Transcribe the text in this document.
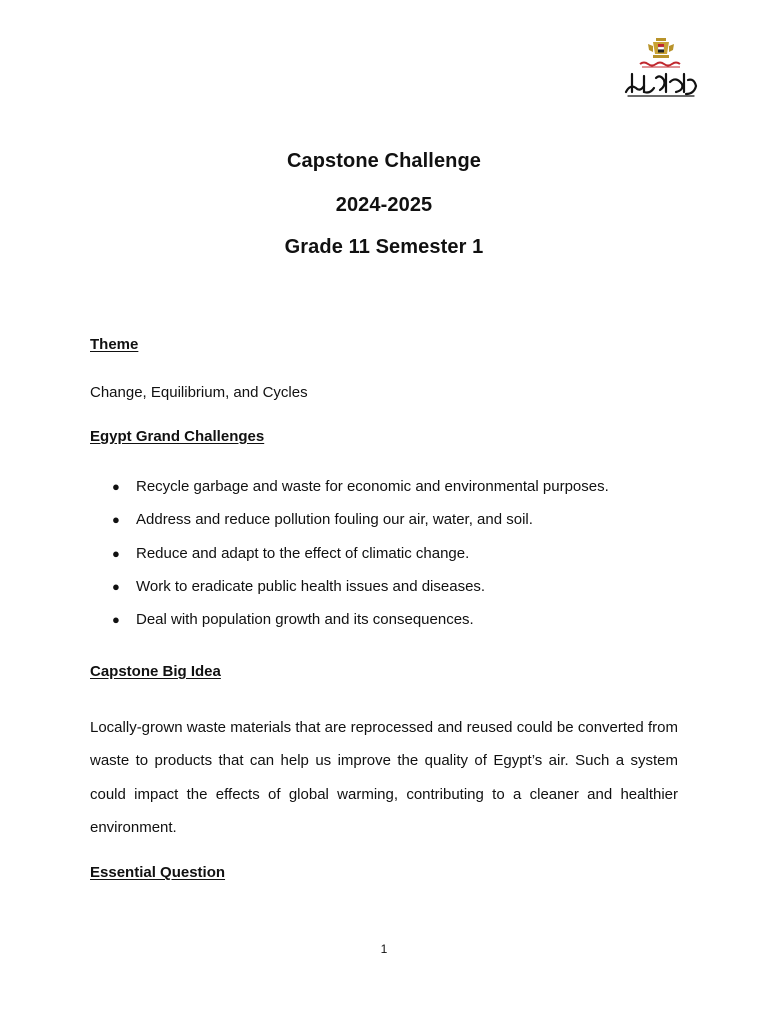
Capstone Challenge
2024-2025
Grade 11 Semester 1
Theme
Change, Equilibrium, and Cycles
Egypt Grand Challenges
●	Recycle garbage and waste for economic and environmental purposes.
●	Address and reduce pollution fouling our air, water, and soil.
●	Reduce and adapt to the effect of climatic change.
●	Work to eradicate public health issues and diseases.
●	Deal with population growth and its consequences.
Capstone Big Idea
Locally-grown waste materials that are reprocessed and reused could be converted from waste to products that can help us improve the quality of Egypt’s air. Such a system could impact the effects of global warming, contributing to a cleaner and healthier environment.
Essential Question
1
